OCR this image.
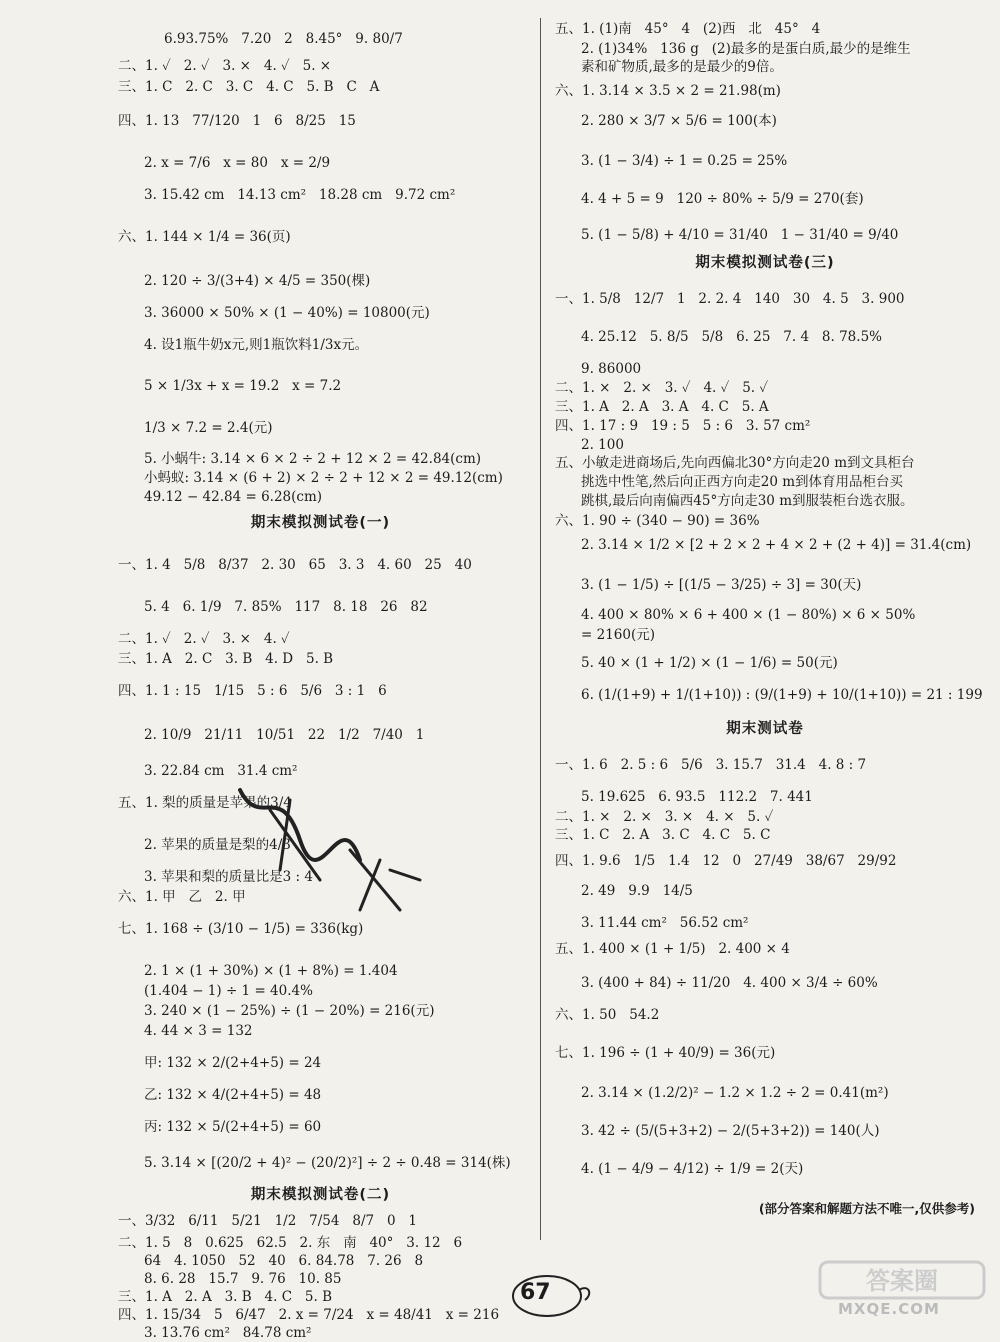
6.93.75%   7.20   2   8.45°   9. 80/7
二、1. ✓   2. ✓   3. ×   4. ✓   5. ×
三、1. C   2. C   3. C   4. C   5. B   C   A
四、1. 13   77/120   1   6   8/25   15
2. x = 7/6   x = 80   x = 2/9
3. 15.42 cm   14.13 cm²   18.28 cm   9.72 cm²
六、1. 144 × 1/4 = 36(页)
2. 120 ÷ 3/(3+4) × 4/5 = 350(棵)
3. 36000 × 50% × (1 − 40%) = 10800(元)
4. 设1瓶牛奶x元,则1瓶饮料1/3x元。
5 × 1/3x + x = 19.2   x = 7.2
1/3 × 7.2 = 2.4(元)
5. 小蜗牛: 3.14 × 6 × 2 ÷ 2 + 12 × 2 = 42.84(cm)
小蚂蚁: 3.14 × (6 + 2) × 2 ÷ 2 + 12 × 2 = 49.12(cm)
49.12 − 42.84 = 6.28(cm)
期末模拟测试卷(一)
一、1. 4   5/8   8/37   2. 30   65   3. 3   4. 60   25   40
5. 4   6. 1/9   7. 85%   117   8. 18   26   82
二、1. ✓   2. ✓   3. ×   4. ✓
三、1. A   2. C   3. B   4. D   5. B
四、1. 1 : 15   1/15   5 : 6   5/6   3 : 1   6
2. 10/9   21/11   10/51   22   1/2   7/40   1
3. 22.84 cm   31.4 cm²
五、1. 梨的质量是苹果的3/4
2. 苹果的质量是梨的4/3
3. 苹果和梨的质量比是3 : 4
六、1. 甲   乙   2. 甲
七、1. 168 ÷ (3/10 − 1/5) = 336(kg)
2. 1 × (1 + 30%) × (1 + 8%) = 1.404
(1.404 − 1) ÷ 1 = 40.4%
3. 240 × (1 − 25%) ÷ (1 − 20%) = 216(元)
4. 44 × 3 = 132
甲: 132 × 2/(2+4+5) = 24
乙: 132 × 4/(2+4+5) = 48
丙: 132 × 5/(2+4+5) = 60
5. 3.14 × [(20/2 + 4)² − (20/2)²] ÷ 2 ÷ 0.48 = 314(株)
期末模拟测试卷(二)
一、3/32   6/11   5/21   1/2   7/54   8/7   0   1
二、1. 5   8   0.625   62.5   2. 东   南   40°   3. 12   6
64   4. 1050   52   40   6. 84.78   7. 26   8
8. 6. 28   15.7   9. 76   10. 85
三、1. A   2. A   3. B   4. C   5. B
四、1. 15/34   5   6/47   2. x = 7/24   x = 48/41   x = 216
3. 13.76 cm²   84.78 cm²
五、1. (1)南   45°   4   (2)西   北   45°   4
2. (1)34%   136 g   (2)最多的是蛋白质,最少的是维生
素和矿物质,最多的是最少的9倍。
六、1. 3.14 × 3.5 × 2 = 21.98(m)
2. 280 × 3/7 × 5/6 = 100(本)
3. (1 − 3/4) ÷ 1 = 0.25 = 25%
4. 4 + 5 = 9   120 ÷ 80% ÷ 5/9 = 270(套)
5. (1 − 5/8) + 4/10 = 31/40   1 − 31/40 = 9/40
期末模拟测试卷(三)
一、1. 5/8   12/7   1   2. 2. 4   140   30   4. 5   3. 900
4. 25.12   5. 8/5   5/8   6. 25   7. 4   8. 78.5%
9. 86000
二、1. ×   2. ×   3. ✓   4. ✓   5. ✓
三、1. A   2. A   3. A   4. C   5. A
四、1. 17 : 9   19 : 5   5 : 6   3. 57 cm²
2. 100
五、小敏走进商场后,先向西偏北30°方向走20 m到文具柜台
挑选中性笔,然后向正西方向走20 m到体育用品柜台买
跳棋,最后向南偏西45°方向走30 m到服装柜台选衣服。
六、1. 90 ÷ (340 − 90) = 36%
2. 3.14 × 1/2 × [2 + 2 × 2 + 4 × 2 + (2 + 4)] = 31.4(cm)
3. (1 − 1/5) ÷ [(1/5 − 3/25) ÷ 3] = 30(天)
4. 400 × 80% × 6 + 400 × (1 − 80%) × 6 × 50%
= 2160(元)
5. 40 × (1 + 1/2) × (1 − 1/6) = 50(元)
6. (1/(1+9) + 1/(1+10)) : (9/(1+9) + 10/(1+10)) = 21 : 199
期末测试卷
一、1. 6   2. 5 : 6   5/6   3. 15.7   31.4   4. 8 : 7
5. 19.625   6. 93.5   112.2   7. 441
二、1. ×   2. ×   3. ×   4. ×   5. ✓
三、1. C   2. A   3. C   4. C   5. C
四、1. 9.6   1/5   1.4   12   0   27/49   38/67   29/92
2. 49   9.9   14/5
3. 11.44 cm²   56.52 cm²
五、1. 400 × (1 + 1/5)   2. 400 × 4
3. (400 + 84) ÷ 11/20   4. 400 × 3/4 ÷ 60%
六、1. 50   54.2
七、1. 196 ÷ (1 + 40/9) = 36(元)
2. 3.14 × (1.2/2)² − 1.2 × 1.2 ÷ 2 = 0.41(m²)
3. 42 ÷ (5/(5+3+2) − 2/(5+3+2)) = 140(人)
4. (1 − 4/9 − 4/12) ÷ 1/9 = 2(天)
(部分答案和解题方法不唯一,仅供参考)
67	答案圈
MXQE.COM
